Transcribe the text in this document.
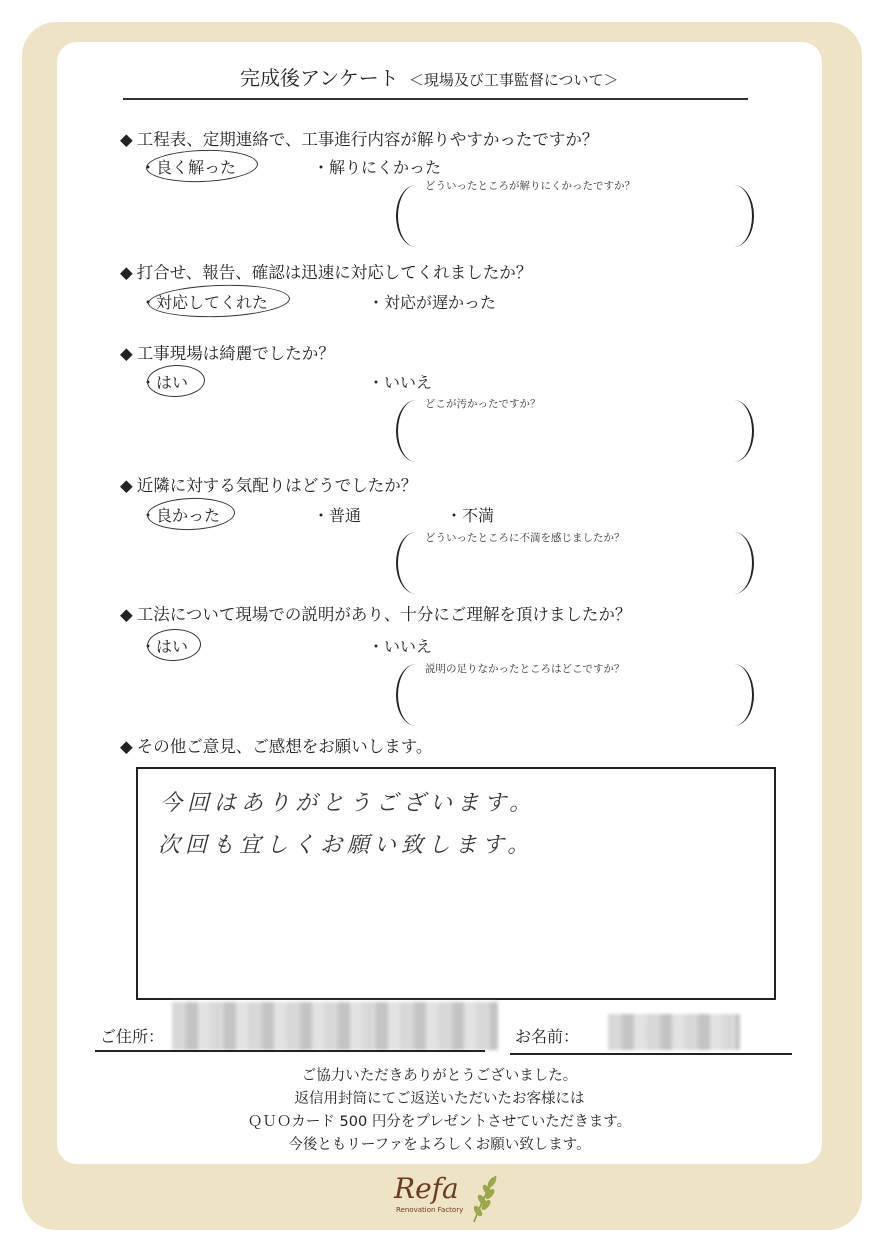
完成後アンケート ＜現場及び工事監督について＞
◆ 工程表、定期連絡で、工事進行内容が解りやすかったですか？
・良く解った	・解りにくかった
どういったところが解りにくかったですか？
◆ 打合せ、報告、確認は迅速に対応してくれましたか？
・対応してくれた	・対応が遅かった
◆ 工事現場は綺麗でしたか？
・はい	・いいえ
どこが汚かったですか？
◆ 近隣に対する気配りはどうでしたか？
・良かった	・普通	・不満
どういったところに不満を感じましたか？
◆ 工法について現場での説明があり、十分にご理解を頂けましたか？
・はい	・いいえ
説明の足りなかったところはどこですか？
◆ その他ご意見、ご感想をお願いします。
今回はありがとうございます。
次回も宜しくお願い致します。
ご住所：	お名前：
ご協力いただきありがとうございました。
返信用封筒にてご返送いただいたお客様には
ＱＵＯカード 500 円分をプレゼントさせていただきます。
今後ともリーファをよろしくお願い致します。
Refa
Renovation Factory
